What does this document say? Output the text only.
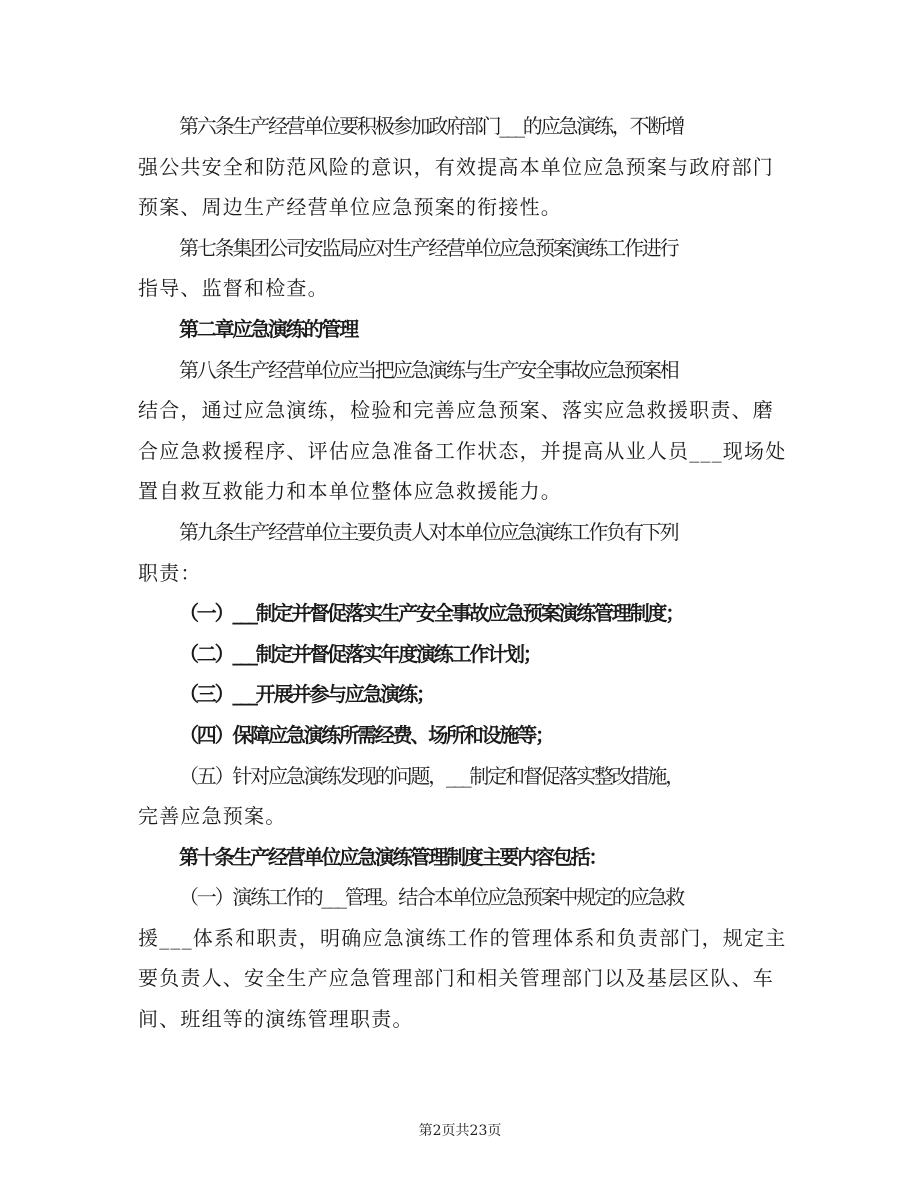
第六条生产经营单位要积极参加政府部门___的应急演练，不断增
强公共安全和防范风险的意识，有效提高本单位应急预案与政府部门
预案、周边生产经营单位应急预案的衔接性。
第七条集团公司安监局应对生产经营单位应急预案演练工作进行
指导、监督和检查。
第二章应急演练的管理
第八条生产经营单位应当把应急演练与生产安全事故应急预案相
结合，通过应急演练，检验和完善应急预案、落实应急救援职责、磨
合应急救援程序、评估应急准备工作状态，并提高从业人员___现场处
置自救互救能力和本单位整体应急救援能力。
第九条生产经营单位主要负责人对本单位应急演练工作负有下列
职责：
（一）___制定并督促落实生产安全事故应急预案演练管理制度；
（二）___制定并督促落实年度演练工作计划；
（三）___开展并参与应急演练；
（四）保障应急演练所需经费、场所和设施等；
（五）针对应急演练发现的问题，___制定和督促落实整改措施，
完善应急预案。
第十条生产经营单位应急演练管理制度主要内容包括：
（一）演练工作的___管理。结合本单位应急预案中规定的应急救
援___体系和职责，明确应急演练工作的管理体系和负责部门，规定主
要负责人、安全生产应急管理部门和相关管理部门以及基层区队、车
间、班组等的演练管理职责。
第2页共23页
